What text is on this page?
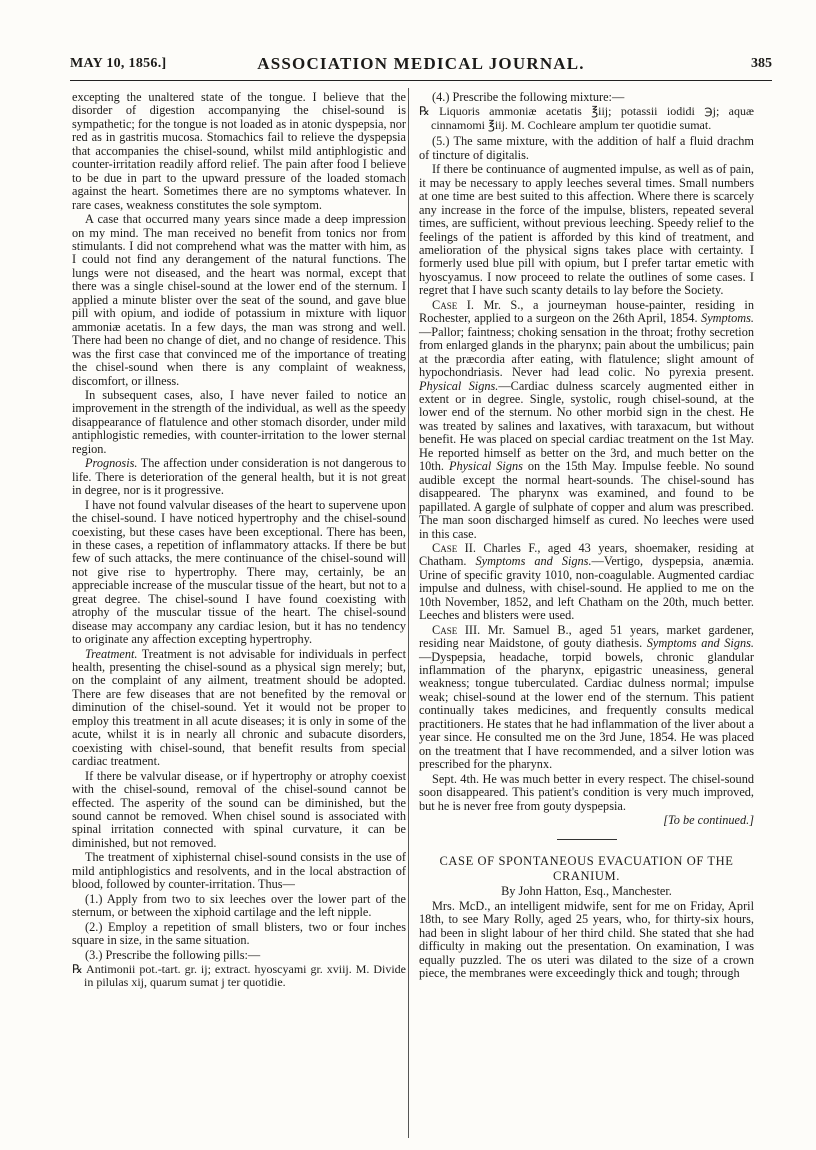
MAY 10, 1856.]	ASSOCIATION MEDICAL JOURNAL.	385

excepting the unaltered state of the tongue. I believe that the disorder of digestion accompanying the chisel-sound is sympathetic; for the tongue is not loaded as in atonic dyspepsia, nor red as in gastritis mucosa. Stomachics fail to relieve the dyspepsia that accompanies the chisel-sound, whilst mild antiphlogistic and counter-irritation readily afford relief. The pain after food I believe to be due in part to the upward pressure of the loaded stomach against the heart. Sometimes there are no symptoms whatever. In rare cases, weakness constitutes the sole symptom.

A case that occurred many years since made a deep impression on my mind. The man received no benefit from tonics nor from stimulants. I did not comprehend what was the matter with him, as I could not find any derangement of the natural functions. The lungs were not diseased, and the heart was normal, except that there was a single chisel-sound at the lower end of the sternum. I applied a minute blister over the seat of the sound, and gave blue pill with opium, and iodide of potassium in mixture with liquor ammoniæ acetatis. In a few days, the man was strong and well. There had been no change of diet, and no change of residence. This was the first case that convinced me of the importance of treating the chisel-sound when there is any complaint of weakness, discomfort, or illness.

In subsequent cases, also, I have never failed to notice an improvement in the strength of the individual, as well as the speedy disappearance of flatulence and other stomach disorder, under mild antiphlogistic remedies, with counter-irritation to the lower sternal region.

Prognosis. The affection under consideration is not dangerous to life. There is deterioration of the general health, but it is not great in degree, nor is it progressive.

I have not found valvular diseases of the heart to supervene upon the chisel-sound. I have noticed hypertrophy and the chisel-sound coexisting, but these cases have been exceptional. There has been, in these cases, a repetition of inflammatory attacks. If there be but few of such attacks, the mere continuance of the chisel-sound will not give rise to hypertrophy. There may, certainly, be an appreciable increase of the muscular tissue of the heart, but not to a great degree. The chisel-sound I have found coexisting with atrophy of the muscular tissue of the heart. The chisel-sound disease may accompany any cardiac lesion, but it has no tendency to originate any affection excepting hypertrophy.

Treatment. Treatment is not advisable for individuals in perfect health, presenting the chisel-sound as a physical sign merely; but, on the complaint of any ailment, treatment should be adopted. There are few diseases that are not benefited by the removal or diminution of the chisel-sound. Yet it would not be proper to employ this treatment in all acute diseases; it is only in some of the acute, whilst it is in nearly all chronic and subacute disorders, coexisting with chisel-sound, that benefit results from special cardiac treatment.

If there be valvular disease, or if hypertrophy or atrophy coexist with the chisel-sound, removal of the chisel-sound cannot be effected. The asperity of the sound can be diminished, but the sound cannot be removed. When chisel sound is associated with spinal irritation connected with spinal curvature, it can be diminished, but not removed.

The treatment of xiphisternal chisel-sound consists in the use of mild antiphlogistics and resolvents, and in the local abstraction of blood, followed by counter-irritation. Thus—

(1.) Apply from two to six leeches over the lower part of the sternum, or between the xiphoid cartilage and the left nipple.

(2.) Employ a repetition of small blisters, two or four inches square in size, in the same situation.

(3.) Prescribe the following pills:—

℞ Antimonii pot.-tart. gr. ij; extract. hyoscyami gr. xviij. M. Divide in pilulas xij, quarum sumat j ter quotidie.

(4.) Prescribe the following mixture:—

℞ Liquoris ammoniæ acetatis ℥iij; potassii iodidi ℈j; aquæ cinnamomi ℥iij. M. Cochleare amplum ter quotidie sumat.

(5.) The same mixture, with the addition of half a fluid drachm of tincture of digitalis.

If there be continuance of augmented impulse, as well as of pain, it may be necessary to apply leeches several times. Small numbers at one time are best suited to this affection. Where there is scarcely any increase in the force of the impulse, blisters, repeated several times, are sufficient, without previous leeching. Speedy relief to the feelings of the patient is afforded by this kind of treatment, and amelioration of the physical signs takes place with certainty. I formerly used blue pill with opium, but I prefer tartar emetic with hyoscyamus. I now proceed to relate the outlines of some cases. I regret that I have such scanty details to lay before the Society.

Case I. Mr. S., a journeyman house-painter, residing in Rochester, applied to a surgeon on the 26th April, 1854. Symptoms.—Pallor; faintness; choking sensation in the throat; frothy secretion from enlarged glands in the pharynx; pain about the umbilicus; pain at the præcordia after eating, with flatulence; slight amount of hypochondriasis. Never had lead colic. No pyrexia present. Physical Signs.—Cardiac dulness scarcely augmented either in extent or in degree. Single, systolic, rough chisel-sound, at the lower end of the sternum. No other morbid sign in the chest. He was treated by salines and laxatives, with taraxacum, but without benefit. He was placed on special cardiac treatment on the 1st May. He reported himself as better on the 3rd, and much better on the 10th. Physical Signs on the 15th May. Impulse feeble. No sound audible except the normal heart-sounds. The chisel-sound has disappeared. The pharynx was examined, and found to be papillated. A gargle of sulphate of copper and alum was prescribed. The man soon discharged himself as cured. No leeches were used in this case.

Case II. Charles F., aged 43 years, shoemaker, residing at Chatham. Symptoms and Signs.—Vertigo, dyspepsia, anæmia. Urine of specific gravity 1010, non-coagulable. Augmented cardiac impulse and dulness, with chisel-sound. He applied to me on the 10th November, 1852, and left Chatham on the 20th, much better. Leeches and blisters were used.

Case III. Mr. Samuel B., aged 51 years, market gardener, residing near Maidstone, of gouty diathesis. Symptoms and Signs.—Dyspepsia, headache, torpid bowels, chronic glandular inflammation of the pharynx, epigastric uneasiness, general weakness; tongue tuberculated. Cardiac dulness normal; impulse weak; chisel-sound at the lower end of the sternum. This patient continually takes medicines, and frequently consults medical practitioners. He states that he had inflammation of the liver about a year since. He consulted me on the 3rd June, 1854. He was placed on the treatment that I have recommended, and a silver lotion was prescribed for the pharynx.

Sept. 4th. He was much better in every respect. The chisel-sound soon disappeared. This patient's condition is very much improved, but he is never free from gouty dyspepsia.

[To be continued.]

CASE OF SPONTANEOUS EVACUATION OF THE CRANIUM.

By John Hatton, Esq., Manchester.

Mrs. McD., an intelligent midwife, sent for me on Friday, April 18th, to see Mary Rolly, aged 25 years, who, for thirty-six hours, had been in slight labour of her third child. She stated that she had difficulty in making out the presentation. On examination, I was equally puzzled. The os uteri was dilated to the size of a crown piece, the membranes were exceedingly thick and tough; through
